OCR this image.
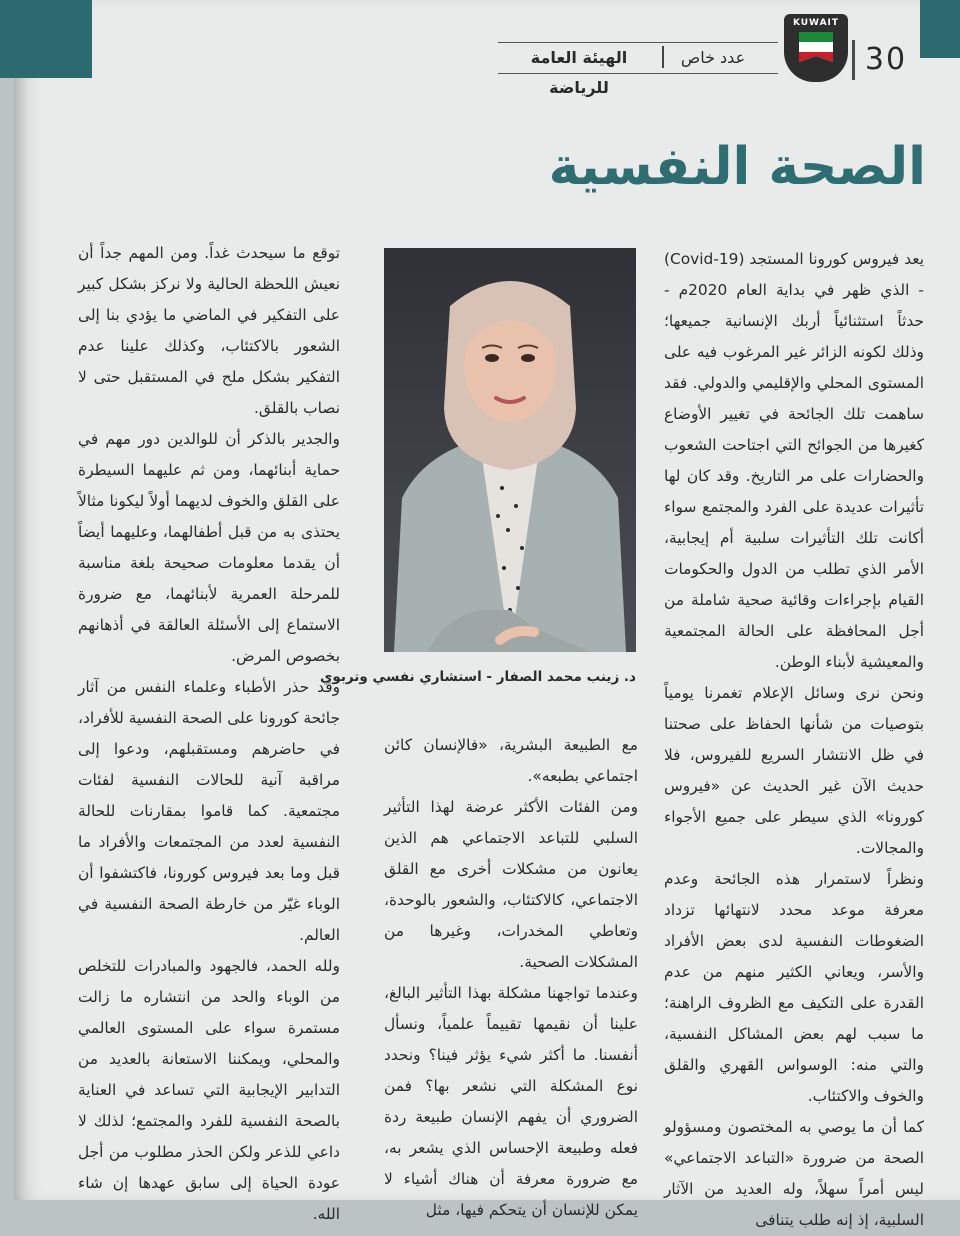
30
KUWAIT
الهيئة العامة للرياضة
عدد خاص
الصحة النفسية

يعد فيروس كورونا المستجد (Covid-19) - الذي ظهر في بداية العام 2020م - حدثاً استثنائياً أربك الإنسانية جميعها؛ وذلك لكونه الزائر غير المرغوب فيه على المستوى المحلي والإقليمي والدولي. فقد ساهمت تلك الجائحة في تغيير الأوضاع كغيرها من الجوائح التي اجتاحت الشعوب والحضارات على مر التاريخ. وقد كان لها تأثيرات عديدة على الفرد والمجتمع سواء أكانت تلك التأثيرات سلبية أم إيجابية، الأمر الذي تطلب من الدول والحكومات القيام بإجراءات وقائية صحية شاملة من أجل المحافظة على الحالة المجتمعية والمعيشية لأبناء الوطن.

ونحن نرى وسائل الإعلام تغمرنا يومياً بتوصيات من شأنها الحفاظ على صحتنا في ظل الانتشار السريع للفيروس، فلا حديث الآن غير الحديث عن «فيروس كورونا» الذي سيطر على جميع الأجواء والمجالات.

ونظراً لاستمرار هذه الجائحة وعدم معرفة موعد محدد لانتهائها تزداد الضغوطات النفسية لدى بعض الأفراد والأسر، ويعاني الكثير منهم من عدم القدرة على التكيف مع الظروف الراهنة؛ ما سبب لهم بعض المشاكل النفسية، والتي منه: الوسواس القهري والقلق والخوف والاكتئاب.

كما أن ما يوصي به المختصون ومسؤولو الصحة من ضرورة «التباعد الاجتماعي» ليس أمراً سهلاً، وله العديد من الآثار السلبية، إذ إنه طلب يتنافى

د. زينب محمد الصفار - استشاري نفسي وتربوي

مع الطبيعة البشرية، «فالإنسان كائن اجتماعي بطبعه».

ومن الفئات الأكثر عرضة لهذا التأثير السلبي للتباعد الاجتماعي هم الذين يعانون من مشكلات أخرى مع القلق الاجتماعي، كالاكتئاب، والشعور بالوحدة، وتعاطي المخدرات، وغيرها من المشكلات الصحية.

وعندما تواجهنا مشكلة بهذا التأثير البالغ، علينا أن نقيمها تقييماً علمياً، ونسأل أنفسنا. ما أكثر شيء يؤثر فينا؟ ونحدد نوع المشكلة التي نشعر بها؟ فمن الضروري أن يفهم الإنسان طبيعة ردة فعله وطبيعة الإحساس الذي يشعر به، مع ضرورة معرفة أن هناك أشياء لا يمكن للإنسان أن يتحكم فيها، مثل

توقع ما سيحدث غداً. ومن المهم جداً أن نعيش اللحظة الحالية ولا نركز بشكل كبير على التفكير في الماضي ما يؤدي بنا إلى الشعور بالاكتئاب، وكذلك علينا عدم التفكير بشكل ملح في المستقبل حتى لا نصاب بالقلق.

والجدير بالذكر أن للوالدين دور مهم في حماية أبنائهما، ومن ثم عليهما السيطرة على القلق والخوف لديهما أولاً ليكونا مثالاً يحتذى به من قبل أطفالهما، وعليهما أيضاً أن يقدما معلومات صحيحة بلغة مناسبة للمرحلة العمرية لأبنائهما، مع ضرورة الاستماع إلى الأسئلة العالقة في أذهانهم بخصوص المرض.

وقد حذر الأطباء وعلماء النفس من آثار جائحة كورونا على الصحة النفسية للأفراد، في حاضرهم ومستقبلهم، ودعوا إلى مراقبة آنية للحالات النفسية لفئات مجتمعية. كما قاموا بمقارنات للحالة النفسية لعدد من المجتمعات والأفراد ما قبل وما بعد فيروس كورونا، فاكتشفوا أن الوباء غيّر من خارطة الصحة النفسية في العالم.

ولله الحمد، فالجهود والمبادرات للتخلص من الوباء والحد من انتشاره ما زالت مستمرة سواء على المستوى العالمي والمحلي، ويمكننا الاستعانة بالعديد من التدابير الإيجابية التي تساعد في العناية بالصحة النفسية للفرد والمجتمع؛ لذلك لا داعي للذعر ولكن الحذر مطلوب من أجل عودة الحياة إلى سابق عهدها إن شاء الله.
